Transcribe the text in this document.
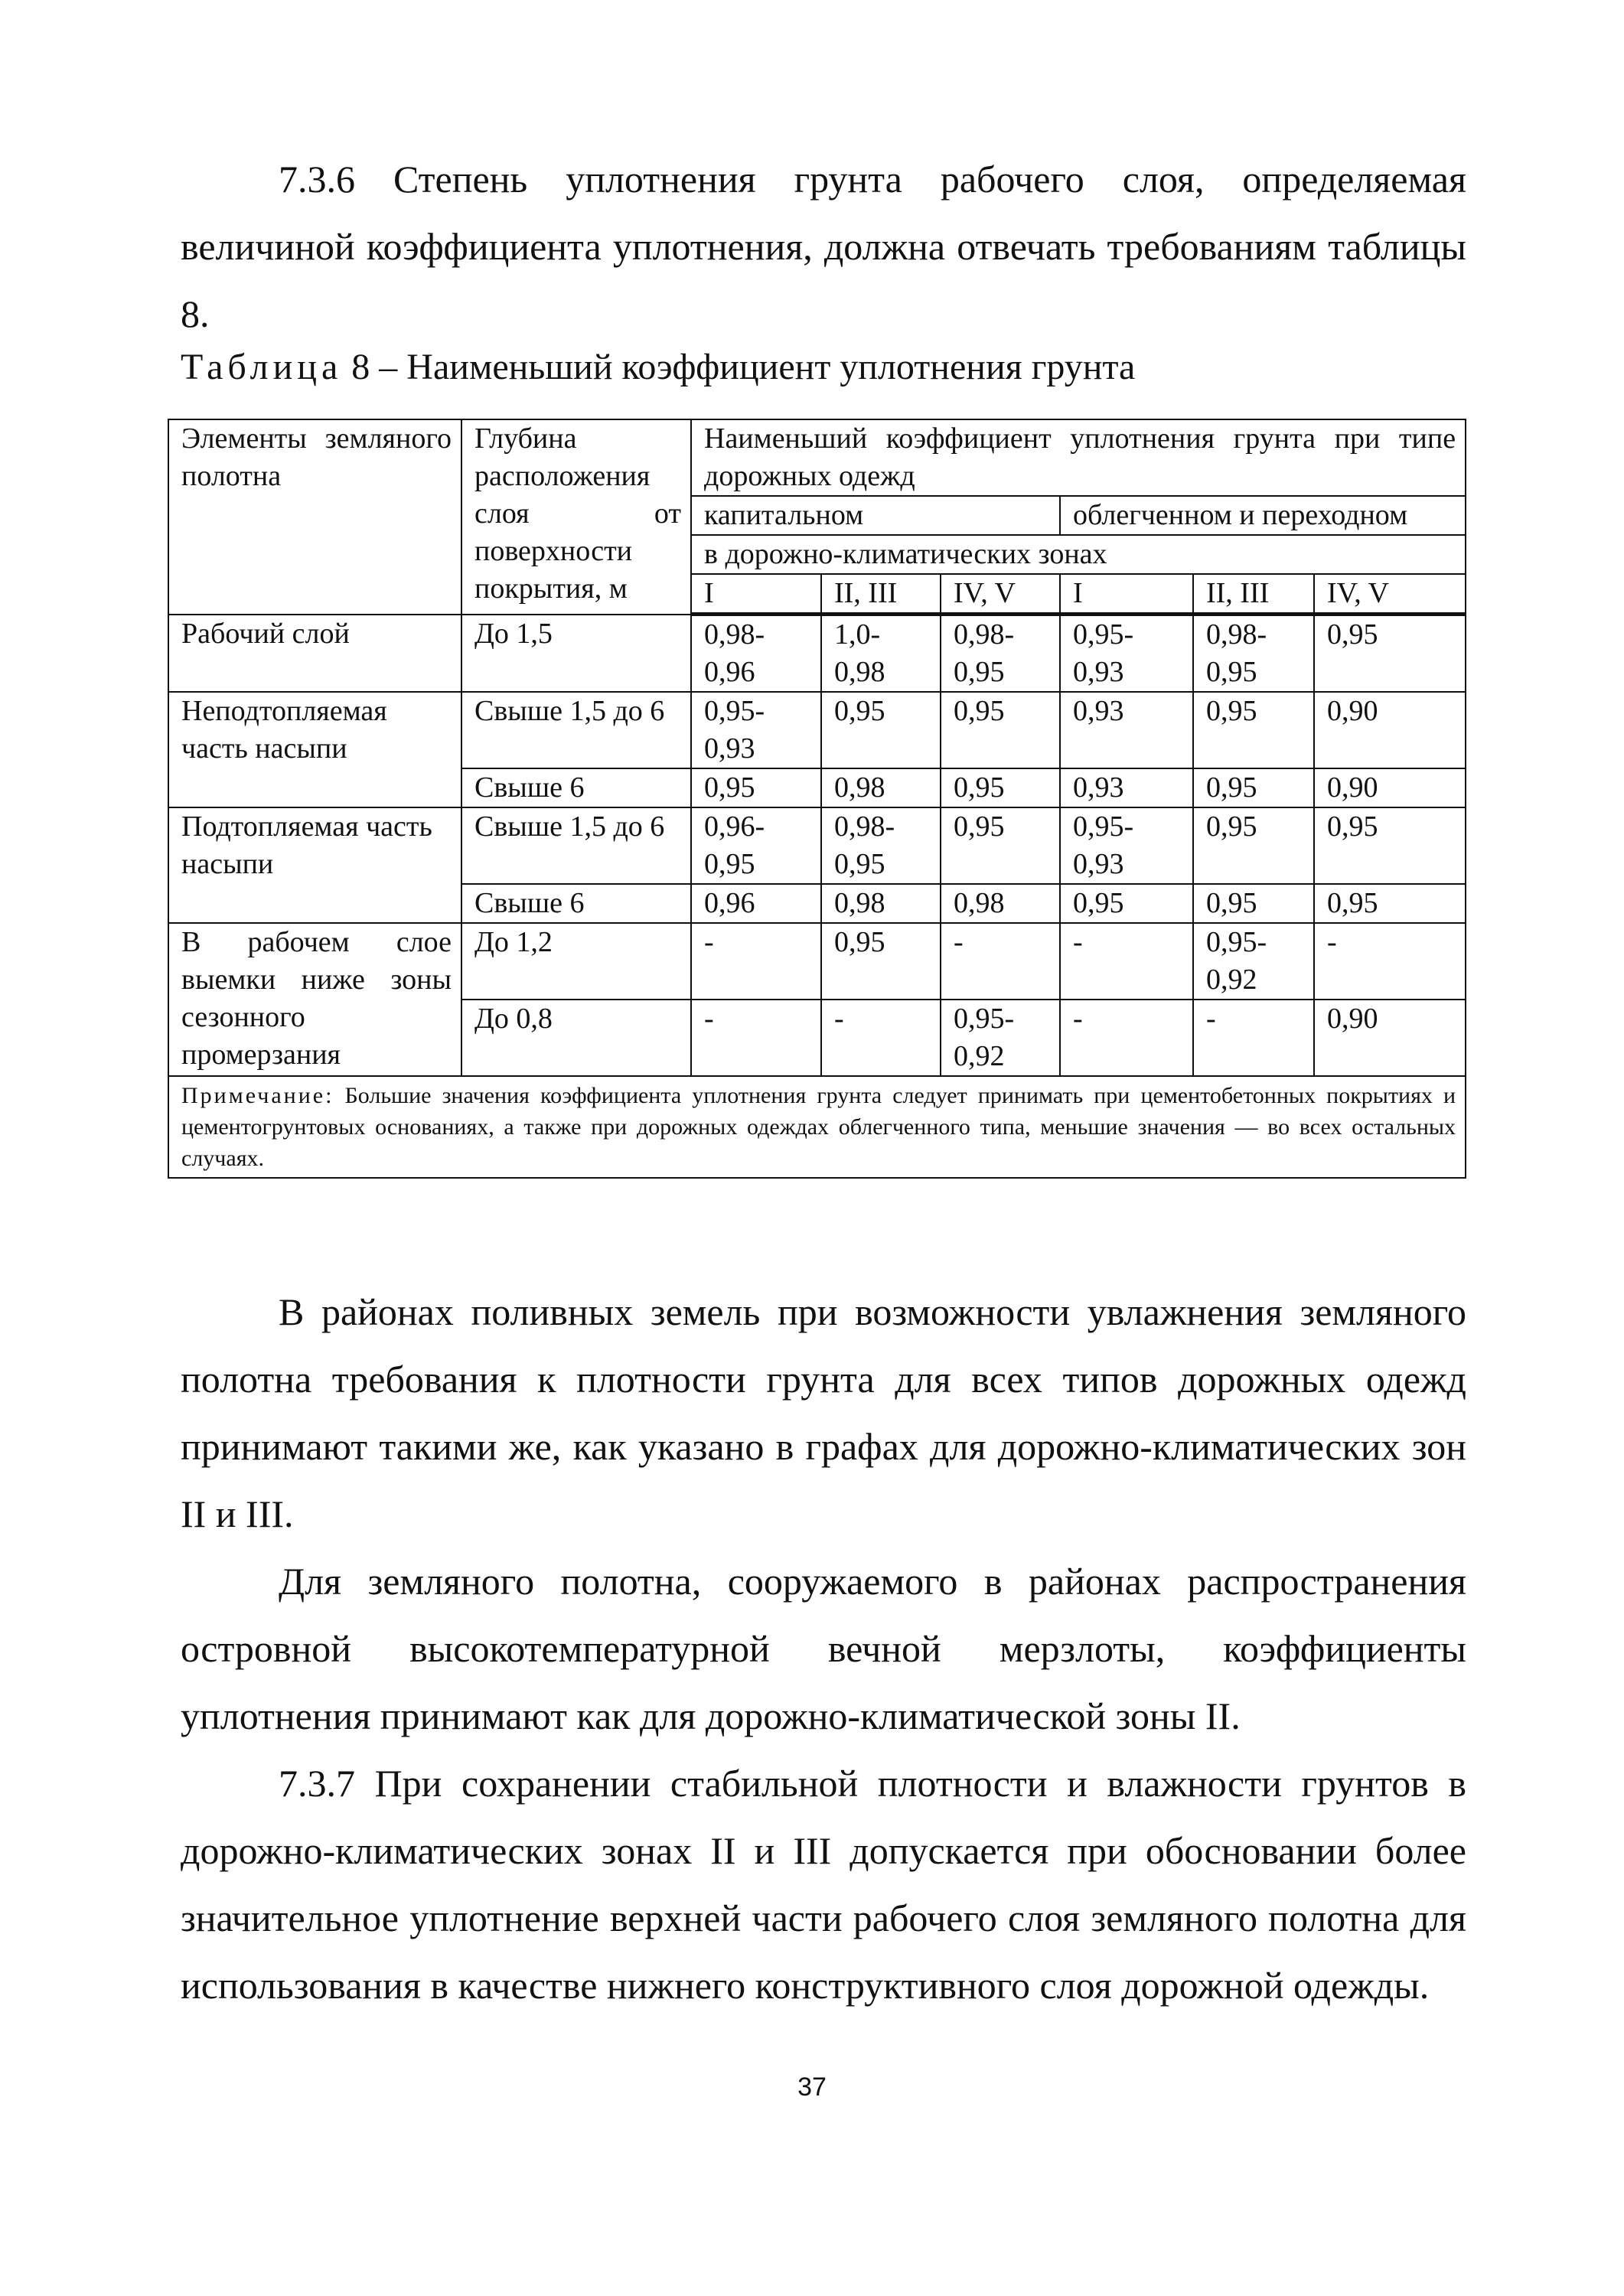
7.3.6 Степень уплотнения грунта рабочего слоя, определяемая величиной коэффициента уплотнения, должна отвечать требованиям таблицы 8.

Таблица 8 – Наименьший коэффициент уплотнения грунта

Элементы земляного полотна	Глубина расположения слоя от поверхности покрытия, м	Наименьший коэффициент уплотнения грунта при типе дорожных одежд					
		капитальном			облегченном и переходном		
		в дорожно-климатических зонах					
		I	II, III	IV, V	I	II, III	IV, V
Рабочий слой	До 1,5	0,98-0,96	1,0-0,98	0,98-0,95	0,95-0,93	0,98-0,95	0,95
Неподтопляемая часть насыпи	Свыше 1,5 до 6	0,95-0,93	0,95	0,95	0,93	0,95	0,90
	Свыше 6	0,95	0,98	0,95	0,93	0,95	0,90
Подтопляемая часть насыпи	Свыше 1,5 до 6	0,96-0,95	0,98-0,95	0,95	0,95-0,93	0,95	0,95
	Свыше 6	0,96	0,98	0,98	0,95	0,95	0,95
В рабочем слое выемки ниже зоны сезонного промерзания	До 1,2	-	0,95	-	-	0,95-0,92	-
	До 0,8	-	-	0,95-0,92	-	-	0,90
Примечание: Большие значения коэффициента уплотнения грунта следует принимать при цементобетонных покрытиях и цементогрунтовых основаниях, а также при дорожных одеждах облегченного типа, меньшие значения — во всех остальных случаях.							

В районах поливных земель при возможности увлажнения земляного полотна требования к плотности грунта для всех типов дорожных одежд принимают такими же, как указано в графах для дорожно-климатических зон II и III.

Для земляного полотна, сооружаемого в районах распространения островной высокотемпературной вечной мерзлоты, коэффициенты уплотнения принимают как для дорожно-климатической зоны II.

7.3.7 При сохранении стабильной плотности и влажности грунтов в дорожно-климатических зонах II и III допускается при обосновании более значительное уплотнение верхней части рабочего слоя земляного полотна для использования в качестве нижнего конструктивного слоя дорожной одежды.

37
